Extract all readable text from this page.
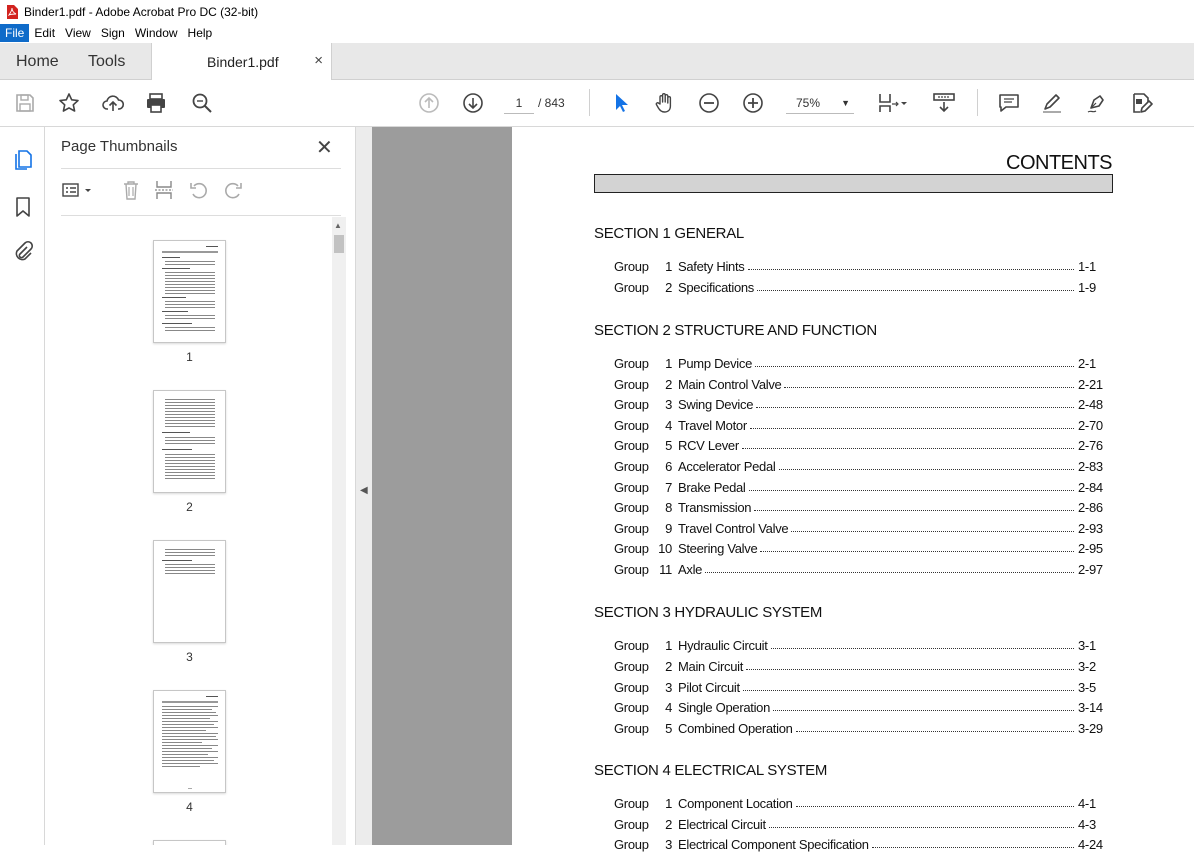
Binder1.pdf - Adobe Acrobat Pro DC (32-bit)
File Edit View Sign Window Help
Home Tools	Binder1.pdf ×
1	/ 843	75% ▼
Page Thumbnails	✕
1
2
3
4
▲
◀
CONTENTS
SECTION 1 GENERAL
Group	1 Safety Hints	1-1
Group	2 Specifications	1-9
SECTION 2 STRUCTURE AND FUNCTION
Group	1 Pump Device	2-1
Group	2 Main Control Valve	2-21
Group	3 Swing Device	2-48
Group	4 Travel Motor	2-70
Group	5 RCV Lever	2-76
Group	6 Accelerator Pedal	2-83
Group	7 Brake Pedal	2-84
Group	8 Transmission	2-86
Group	9 Travel Control Valve	2-93
Group 10 Steering Valve	2-95
Group 11 Axle	2-97
SECTION 3 HYDRAULIC SYSTEM
Group	1 Hydraulic Circuit	3-1
Group	2 Main Circuit	3-2
Group	3 Pilot Circuit	3-5
Group	4 Single Operation	3-14
Group	5 Combined Operation	3-29
SECTION 4 ELECTRICAL SYSTEM
Group	1 Component Location	4-1
Group	2 Electrical Circuit	4-3
Group	3 Electrical Component Specification	4-24
